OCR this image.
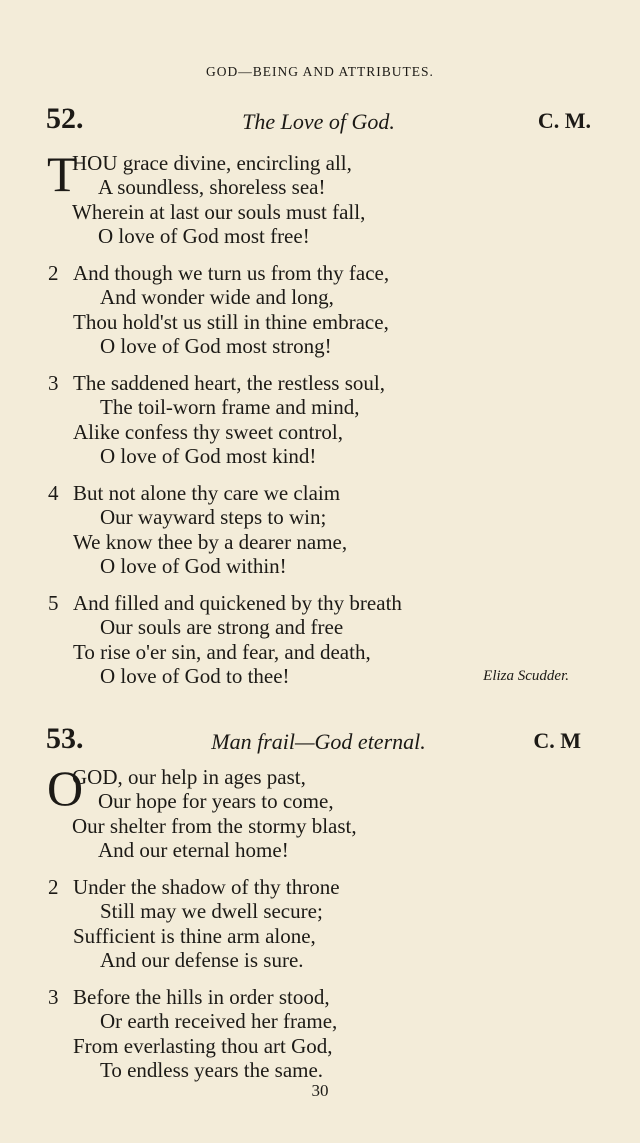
GOD—BEING AND ATTRIBUTES.
52.	The Love of God.	C. M.
T
HOU grace divine, encircling all,
A soundless, shoreless sea!
Wherein at last our souls must fall,
O love of God most free!
2 And though we turn us from thy face,
And wonder wide and long,
Thou hold'st us still in thine embrace,
O love of God most strong!
3 The saddened heart, the restless soul,
The toil-worn frame and mind,
Alike confess thy sweet control,
O love of God most kind!
4 But not alone thy care we claim
Our wayward steps to win;
We know thee by a dearer name,
O love of God within!
5 And filled and quickened by thy breath
Our souls are strong and free
To rise o'er sin, and fear, and death,
O love of God to thee!	Eliza Scudder.
53.	Man frail—God eternal.	C. M
O
GOD, our help in ages past,
Our hope for years to come,
Our shelter from the stormy blast,
And our eternal home!
2 Under the shadow of thy throne
Still may we dwell secure;
Sufficient is thine arm alone,
And our defense is sure.
3 Before the hills in order stood,
Or earth received her frame,
From everlasting thou art God,
To endless years the same.
30
